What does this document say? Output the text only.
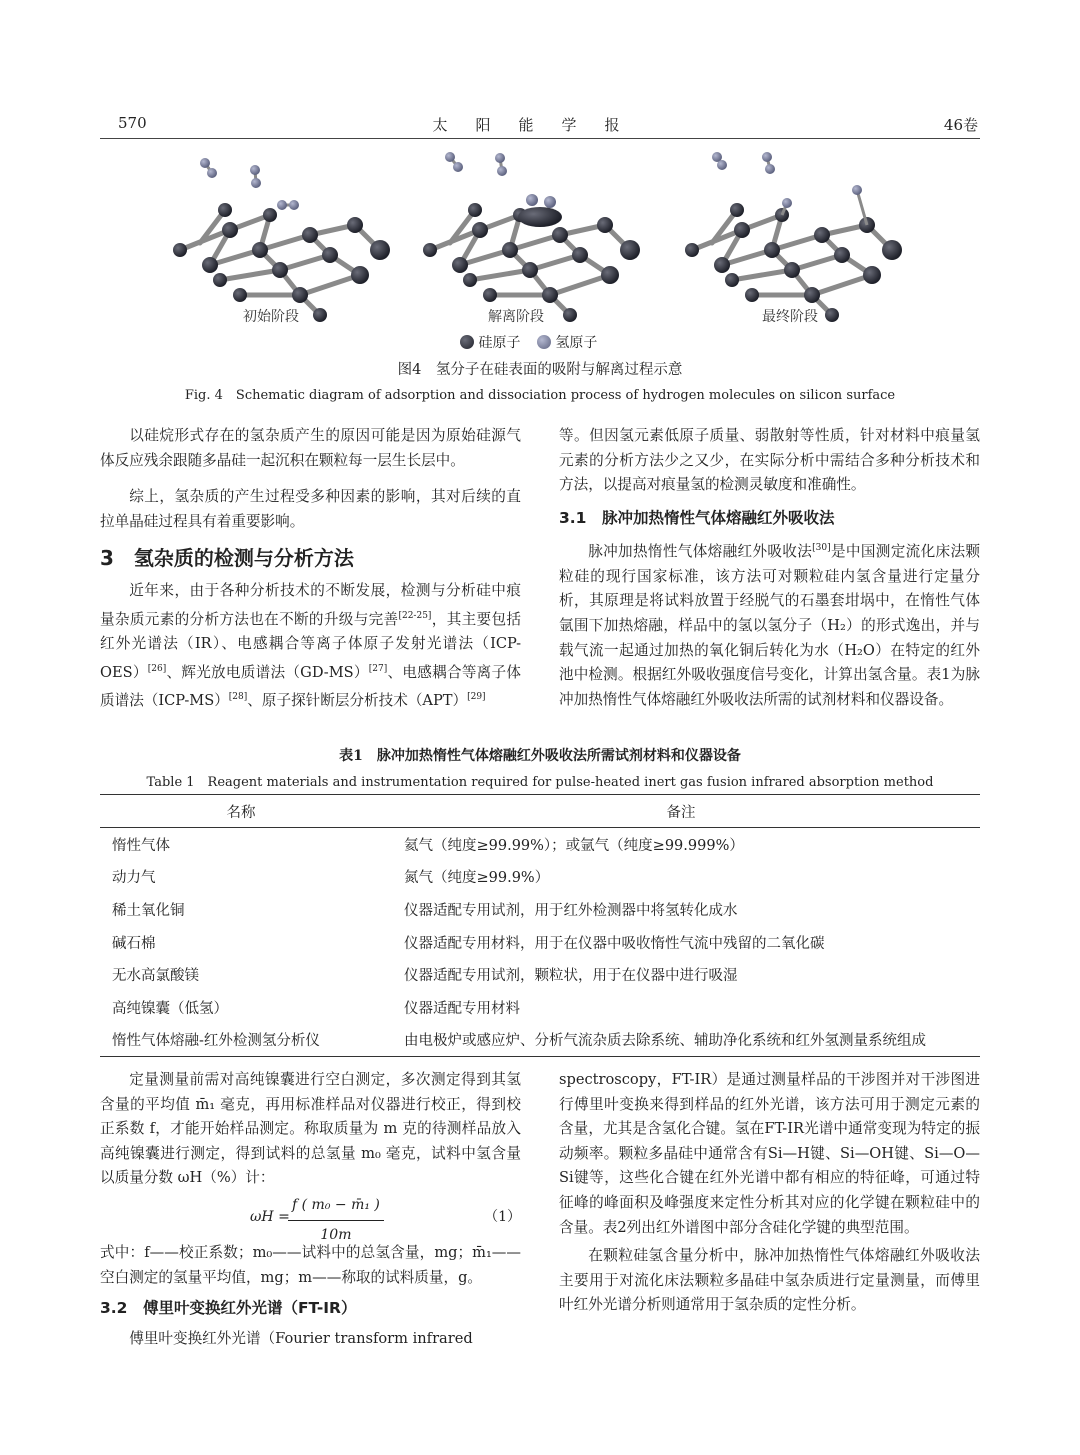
570	太阳能学报	46卷
初始阶段	解离阶段	最终阶段
硅原子 氢原子
图4　氢分子在硅表面的吸附与解离过程示意
Fig. 4　Schematic diagram of adsorption and dissociation process of hydrogen molecules on silicon surface

以硅烷形式存在的氢杂质产生的原因可能是因为原始硅源气体反应残余跟随多晶硅一起沉积在颗粒每一层生长层中。

综上，氢杂质的产生过程受多种因素的影响，其对后续的直拉单晶硅过程具有着重要影响。

3　氢杂质的检测与分析方法

近年来，由于各种分析技术的不断发展，检测与分析硅中痕量杂质元素的分析方法也在不断的升级与完善[22-25]，其主要包括红外光谱法（IR）、电感耦合等离子体原子发射光谱法（ICP-OES）[26]、辉光放电质谱法（GD-MS）[27]、电感耦合等离子体质谱法（ICP-MS）[28]、原子探针断层分析技术（APT）[29]

等。但因氢元素低原子质量、弱散射等性质，针对材料中痕量氢元素的分析方法少之又少，在实际分析中需结合多种分析技术和方法，以提高对痕量氢的检测灵敏度和准确性。

3.1　脉冲加热惰性气体熔融红外吸收法

脉冲加热惰性气体熔融红外吸收法[30]是中国测定流化床法颗粒硅的现行国家标准，该方法可对颗粒硅内氢含量进行定量分析，其原理是将试料放置于经脱气的石墨套坩埚中，在惰性气体氩围下加热熔融，样品中的氢以氢分子（H₂）的形式逸出，并与载气流一起通过加热的氧化铜后转化为水（H₂O）在特定的红外池中检测。根据红外吸收强度信号变化，计算出氢含量。表1为脉冲加热惰性气体熔融红外吸收法所需的试剂材料和仪器设备。

表1　脉冲加热惰性气体熔融红外吸收法所需试剂材料和仪器设备
Table 1　Reagent materials and instrumentation required for pulse-heated inert gas fusion infrared absorption method
名称	备注
惰性气体	氦气（纯度≥99.99%）；或氩气（纯度≥99.999%）
动力气	氮气（纯度≥99.9%）
稀土氧化铜	仪器适配专用试剂，用于红外检测器中将氢转化成水
碱石棉	仪器适配专用材料，用于在仪器中吸收惰性气流中残留的二氧化碳
无水高氯酸镁	仪器适配专用试剂，颗粒状，用于在仪器中进行吸湿
高纯镍囊（低氢）	仪器适配专用材料
惰性气体熔融-红外检测氢分析仪	由电极炉或感应炉、分析气流杂质去除系统、辅助净化系统和红外氢测量系统组成

定量测量前需对高纯镍囊进行空白测定，多次测定得到其氢含量的平均值 m̄₁ 毫克，再用标准样品对仪器进行校正，得到校正系数 f，才能开始样品测定。称取质量为 m 克的待测样品放入高纯镍囊进行测定，得到试料的总氢量 m₀ 毫克，试料中氢含量以质量分数 ωH（%）计：

ωH =
$\frac{\text{f ( m₀ − m̄₁ )}}{10m}$	（1）

式中：f——校正系数；m₀——试料中的总氢含量，mg；m̄₁——空白测定的氢量平均值，mg；m——称取的试料质量，g。

3.2　傅里叶变换红外光谱（FT-IR）

傅里叶变换红外光谱（Fourier transform infrared

spectroscopy，FT-IR）是通过测量样品的干涉图并对干涉图进行傅里叶变换来得到样品的红外光谱，该方法可用于测定元素的含量，尤其是含氢化合键。氢在FT-IR光谱中通常变现为特定的振动频率。颗粒多晶硅中通常含有Si—H键、Si—OH键、Si—O—Si键等，这些化合键在红外光谱中都有相应的特征峰，可通过特征峰的峰面积及峰强度来定性分析其对应的化学键在颗粒硅中的含量。表2列出红外谱图中部分含硅化学键的典型范围。

在颗粒硅氢含量分析中，脉冲加热惰性气体熔融红外吸收法主要用于对流化床法颗粒多晶硅中氢杂质进行定量测量，而傅里叶红外光谱分析则通常用于氢杂质的定性分析。
